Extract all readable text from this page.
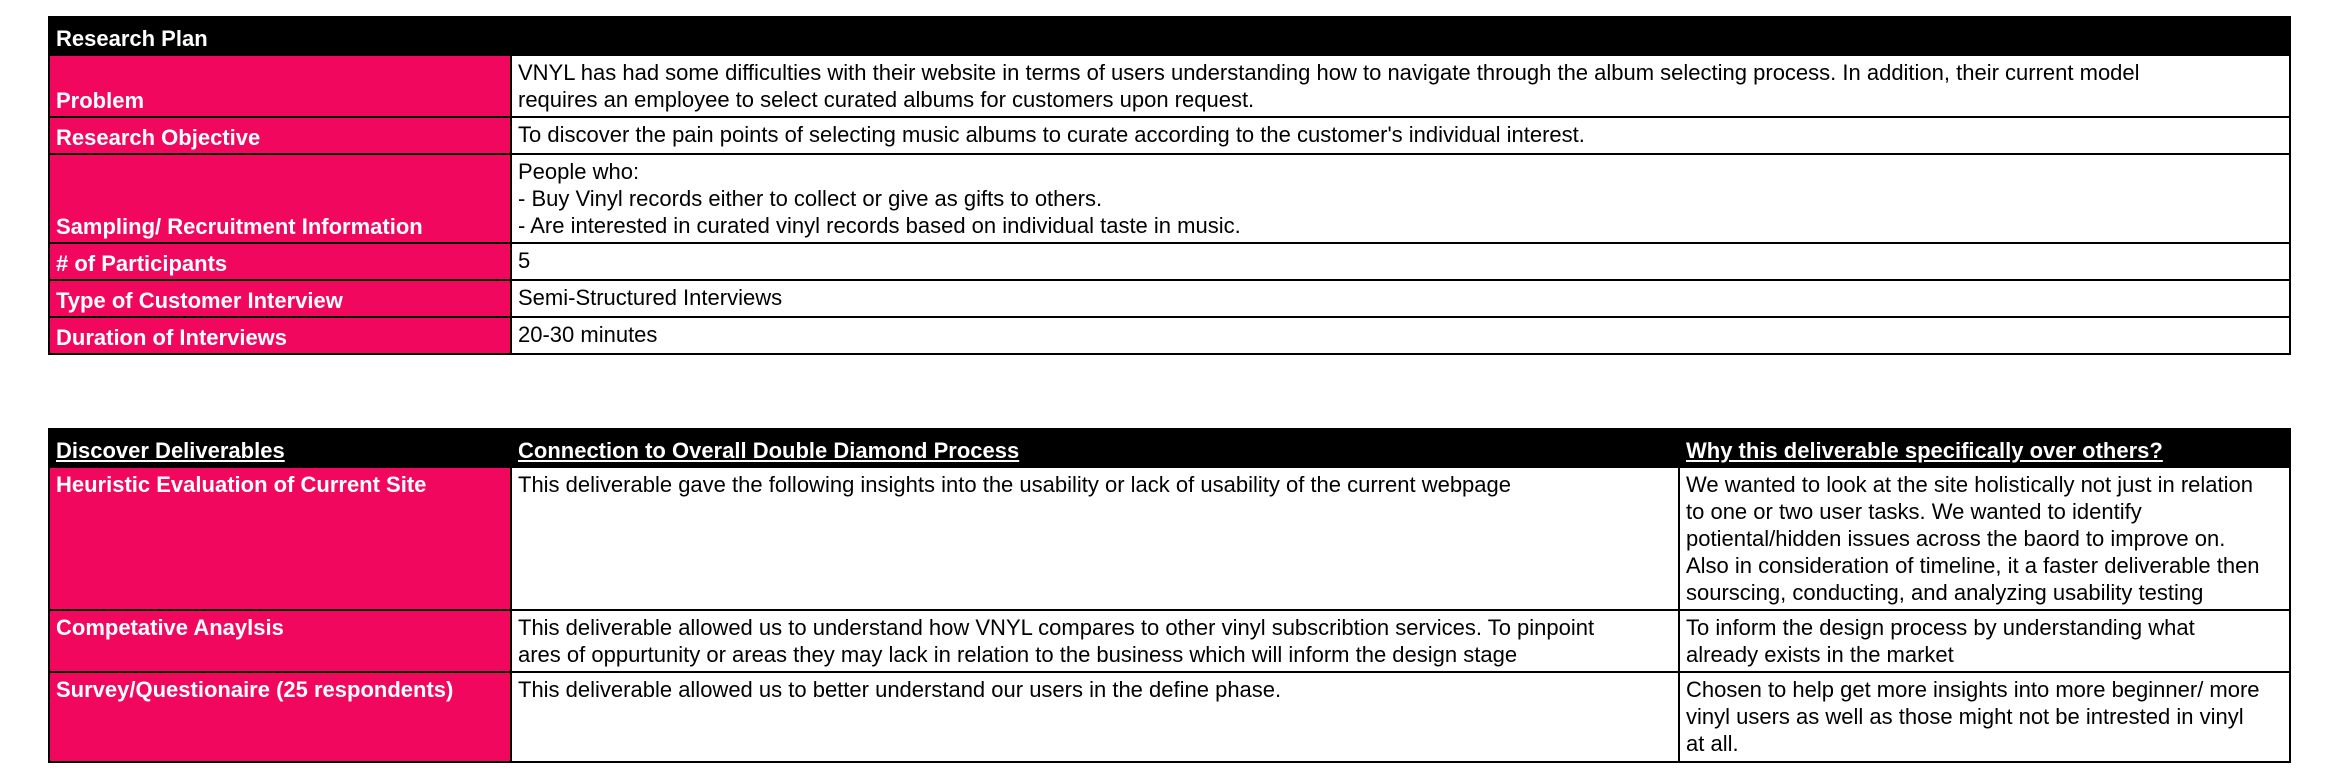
Research Plan	
Problem	VNYL has had some difficulties with their website in terms of users understanding how to navigate through the album selecting process. In addition, their current model
requires an employee to select curated albums for customers upon request.

Research Objective	To discover the pain points of selecting music albums to curate according to the customer's individual interest.

Sampling/ Recruitment Information	People who:
- Buy Vinyl records either to collect or give as gifts to others.
- Are interested in curated vinyl records based on individual taste in music.

# of Participants	5

Type of Customer Interview	Semi-Structured Interviews

Duration of Interviews	20-30 minutes
Discover Deliverables	Connection to Overall Double Diamond Process	Why this deliverable specifically over others?
Heuristic Evaluation of Current Site	This deliverable gave the following insights into the usability or lack of usability of the current webpage	We wanted to look at the site holistically not just in relation
to one or two user tasks. We wanted to identify
potiental/hidden issues across the baord to improve on.
Also in consideration of timeline, it a faster deliverable then
sourscing, conducting, and analyzing usability testing

Competative Anaylsis	This deliverable allowed us to understand how VNYL compares to other vinyl subscribtion services. To pinpoint
ares of oppurtunity or areas they may lack in relation to the business which will inform the design stage	To inform the design process by understanding what
already exists in the market

Survey/Questionaire (25 respondents)	This deliverable allowed us to better understand our users in the define phase.	Chosen to help get more insights into more beginner/ more
vinyl users as well as those might not be intrested in vinyl
at all.
